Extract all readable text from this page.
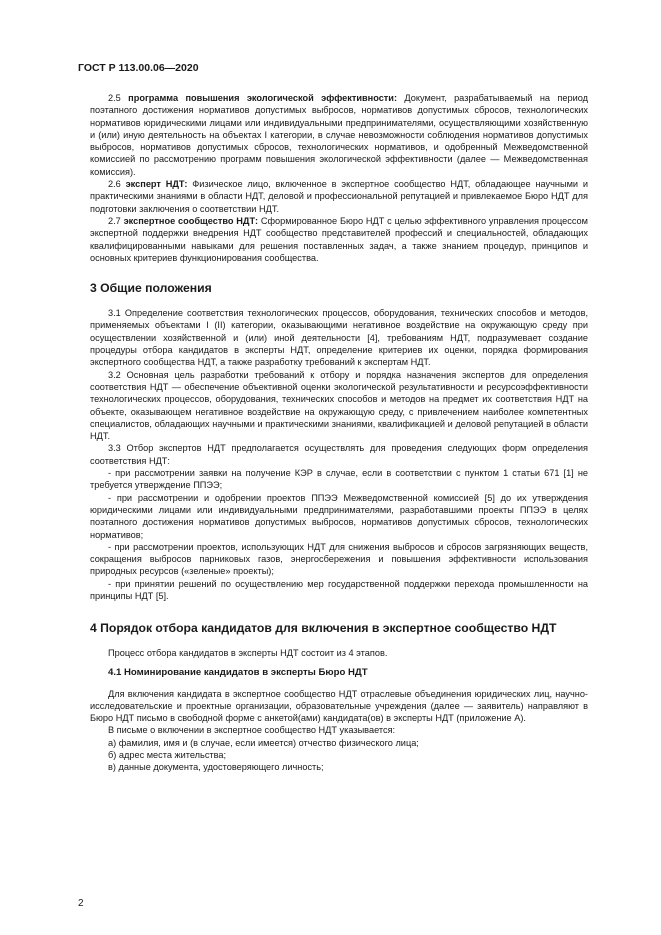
ГОСТ Р 113.00.06—2020

2.5 программа повышения экологической эффективности: Документ, разрабатываемый на период поэтапного достижения нормативов допустимых выбросов, нормативов допустимых сбросов, технологических нормативов юридическими лицами или индивидуальными предпринимателями, осуществляющими хозяйственную и (или) иную деятельность на объектах I категории, в случае невозможности соблюдения нормативов допустимых выбросов, нормативов допустимых сбросов, технологических нормативов, и одобренный Межведомственной комиссией по рассмотрению программ повышения экологической эффективности (далее — Межведомственная комиссия).

2.6 эксперт НДТ: Физическое лицо, включенное в экспертное сообщество НДТ, обладающее научными и практическими знаниями в области НДТ, деловой и профессиональной репутацией и привлекаемое Бюро НДТ для подготовки заключения о соответствии НДТ.

2.7 экспертное сообщество НДТ: Сформированное Бюро НДТ с целью эффективного управления процессом экспертной поддержки внедрения НДТ сообщество представителей профессий и специальностей, обладающих квалифицированными навыками для решения поставленных задач, а также знанием процедур, принципов и основных критериев функционирования сообщества.

3 Общие положения

3.1 Определение соответствия технологических процессов, оборудования, технических способов и методов, применяемых объектами I (II) категории, оказывающими негативное воздействие на окружающую среду при осуществлении хозяйственной и (или) иной деятельности [4], требованиям НДТ, подразумевает создание процедуры отбора кандидатов в эксперты НДТ, определение критериев их оценки, порядка формирования экспертного сообщества НДТ, а также разработку требований к экспертам НДТ.

3.2 Основная цель разработки требований к отбору и порядка назначения экспертов для определения соответствия НДТ — обеспечение объективной оценки экологической результативности и ресурсоэффективности технологических процессов, оборудования, технических способов и методов на предмет их соответствия НДТ на объекте, оказывающем негативное воздействие на окружающую среду, с привлечением наиболее компетентных специалистов, обладающих научными и практическими знаниями, квалификацией и деловой репутацией в области НДТ.

3.3 Отбор экспертов НДТ предполагается осуществлять для проведения следующих форм определения соответствия НДТ:

- при рассмотрении заявки на получение КЭР в случае, если в соответствии с пунктом 1 статьи 671 [1] не требуется утверждение ППЭЭ;

- при рассмотрении и одобрении проектов ППЭЭ Межведомственной комиссией [5] до их утверждения юридическими лицами или индивидуальными предпринимателями, разработавшими проекты ППЭЭ в целях поэтапного достижения нормативов допустимых выбросов, нормативов допустимых сбросов, технологических нормативов;

- при рассмотрении проектов, использующих НДТ для снижения выбросов и сбросов загрязняющих веществ, сокращения выбросов парниковых газов, энергосбережения и повышения эффективности использования природных ресурсов («зеленые» проекты);

- при принятии решений по осуществлению мер государственной поддержки перехода промышленности на принципы НДТ [5].

4 Порядок отбора кандидатов для включения в экспертное сообщество НДТ

Процесс отбора кандидатов в эксперты НДТ состоит из 4 этапов.

4.1 Номинирование кандидатов в эксперты Бюро НДТ

Для включения кандидата в экспертное сообщество НДТ отраслевые объединения юридических лиц, научно-исследовательские и проектные организации, образовательные учреждения (далее — заявитель) направляют в Бюро НДТ письмо в свободной форме с анкетой(ами) кандидата(ов) в эксперты НДТ (приложение А).

В письме о включении в экспертное сообщество НДТ указывается:

а) фамилия, имя и (в случае, если имеется) отчество физического лица;

б) адрес места жительства;

в) данные документа, удостоверяющего личность;

2
